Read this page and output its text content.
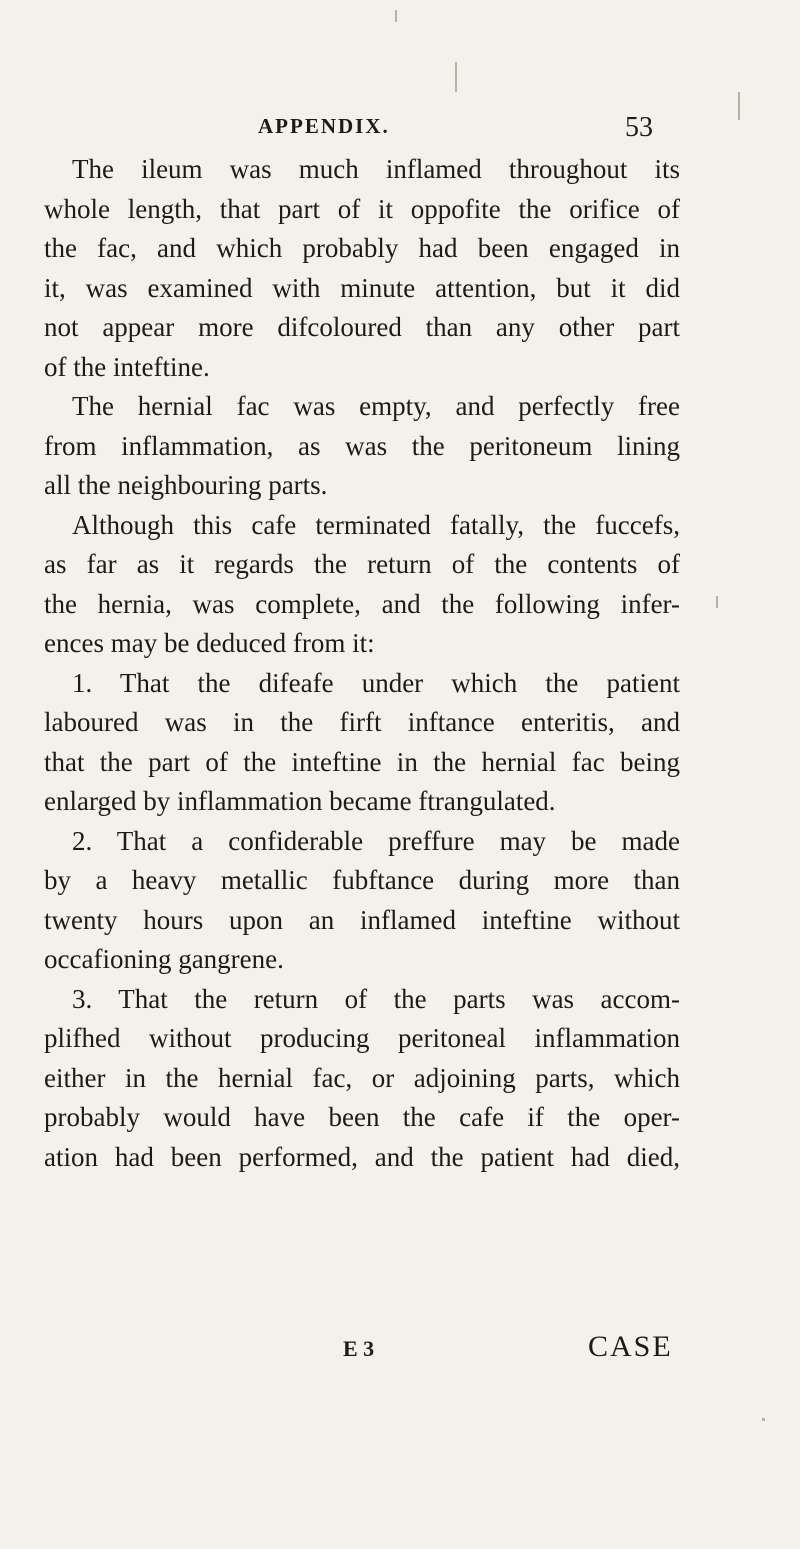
APPENDIX.	53
The ileum was much inflamed throughout its
whole length, that part of it oppofite the orifice of
the fac, and which probably had been engaged in
it, was examined with minute attention, but it did
not appear more difcoloured than any other part
of the inteftine.
The hernial fac was empty, and perfectly free
from inflammation, as was the peritoneum lining
all the neighbouring parts.
Although this cafe terminated fatally, the fuccefs,
as far as it regards the return of the contents of
the hernia, was complete, and the following infer-
ences may be deduced from it:
1. That the difeafe under which the patient
laboured was in the firft inftance enteritis, and
that the part of the inteftine in the hernial fac being
enlarged by inflammation became ftrangulated.
2. That a confiderable preffure may be made
by a heavy metallic fubftance during more than
twenty hours upon an inflamed inteftine without
occafioning gangrene.
3. That the return of the parts was accom-
plifhed without producing peritoneal inflammation
either in the hernial fac, or adjoining parts, which
probably would have been the cafe if the oper-
ation had been performed, and the patient had died,
E 3	CASE
